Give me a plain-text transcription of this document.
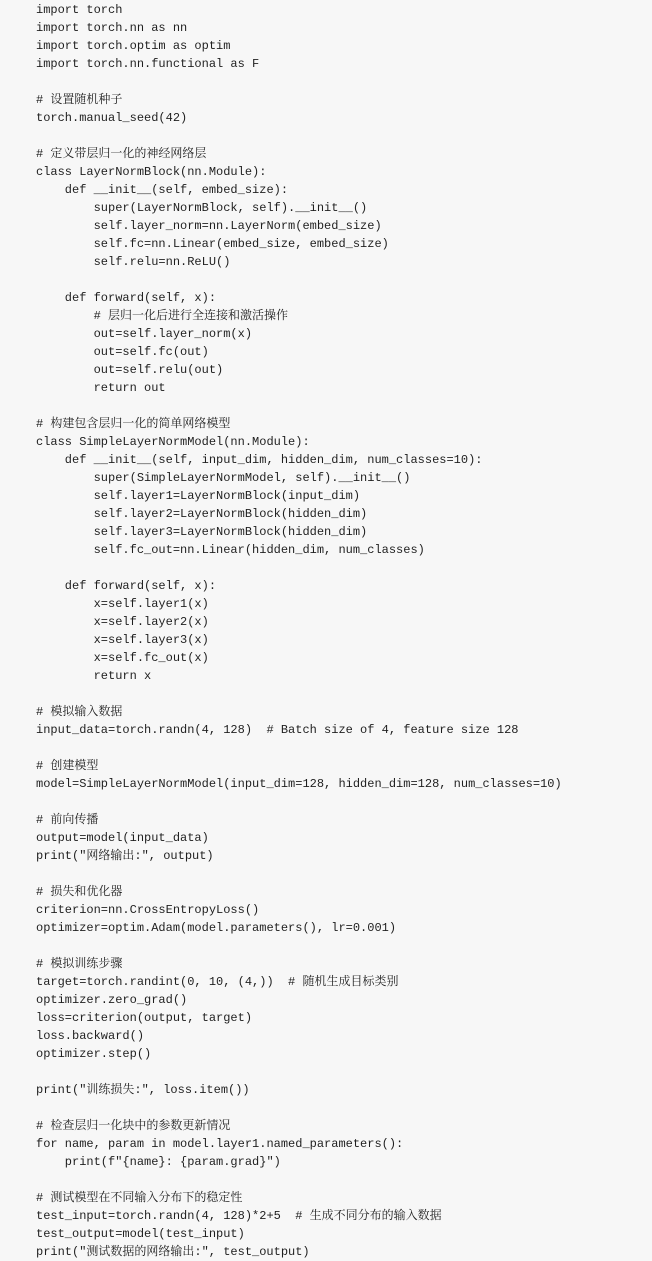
import torch
import torch.nn as nn
import torch.optim as optim
import torch.nn.functional as F
# 设置随机种子
torch.manual_seed(42)
# 定义带层归一化的神经网络层
class LayerNormBlock(nn.Module):
def __init__(self, embed_size):
super(LayerNormBlock, self).__init__()
self.layer_norm=nn.LayerNorm(embed_size)
self.fc=nn.Linear(embed_size, embed_size)
self.relu=nn.ReLU()
def forward(self, x):
# 层归一化后进行全连接和激活操作
out=self.layer_norm(x)
out=self.fc(out)
out=self.relu(out)
return out
# 构建包含层归一化的简单网络模型
class SimpleLayerNormModel(nn.Module):
def __init__(self, input_dim, hidden_dim, num_classes=10):
super(SimpleLayerNormModel, self).__init__()
self.layer1=LayerNormBlock(input_dim)
self.layer2=LayerNormBlock(hidden_dim)
self.layer3=LayerNormBlock(hidden_dim)
self.fc_out=nn.Linear(hidden_dim, num_classes)
def forward(self, x):
x=self.layer1(x)
x=self.layer2(x)
x=self.layer3(x)
x=self.fc_out(x)
return x
# 模拟输入数据
input_data=torch.randn(4, 128)  # Batch size of 4, feature size 128
# 创建模型
model=SimpleLayerNormModel(input_dim=128, hidden_dim=128, num_classes=10)
# 前向传播
output=model(input_data)
print("网络输出:", output)
# 损失和优化器
criterion=nn.CrossEntropyLoss()
optimizer=optim.Adam(model.parameters(), lr=0.001)
# 模拟训练步骤
target=torch.randint(0, 10, (4,))  # 随机生成目标类别
optimizer.zero_grad()
loss=criterion(output, target)
loss.backward()
optimizer.step()
print("训练损失:", loss.item())
# 检查层归一化块中的参数更新情况
for name, param in model.layer1.named_parameters():
print(f"{name}: {param.grad}")
# 测试模型在不同输入分布下的稳定性
test_input=torch.randn(4, 128)*2+5  # 生成不同分布的输入数据
test_output=model(test_input)
print("测试数据的网络输出:", test_output)
